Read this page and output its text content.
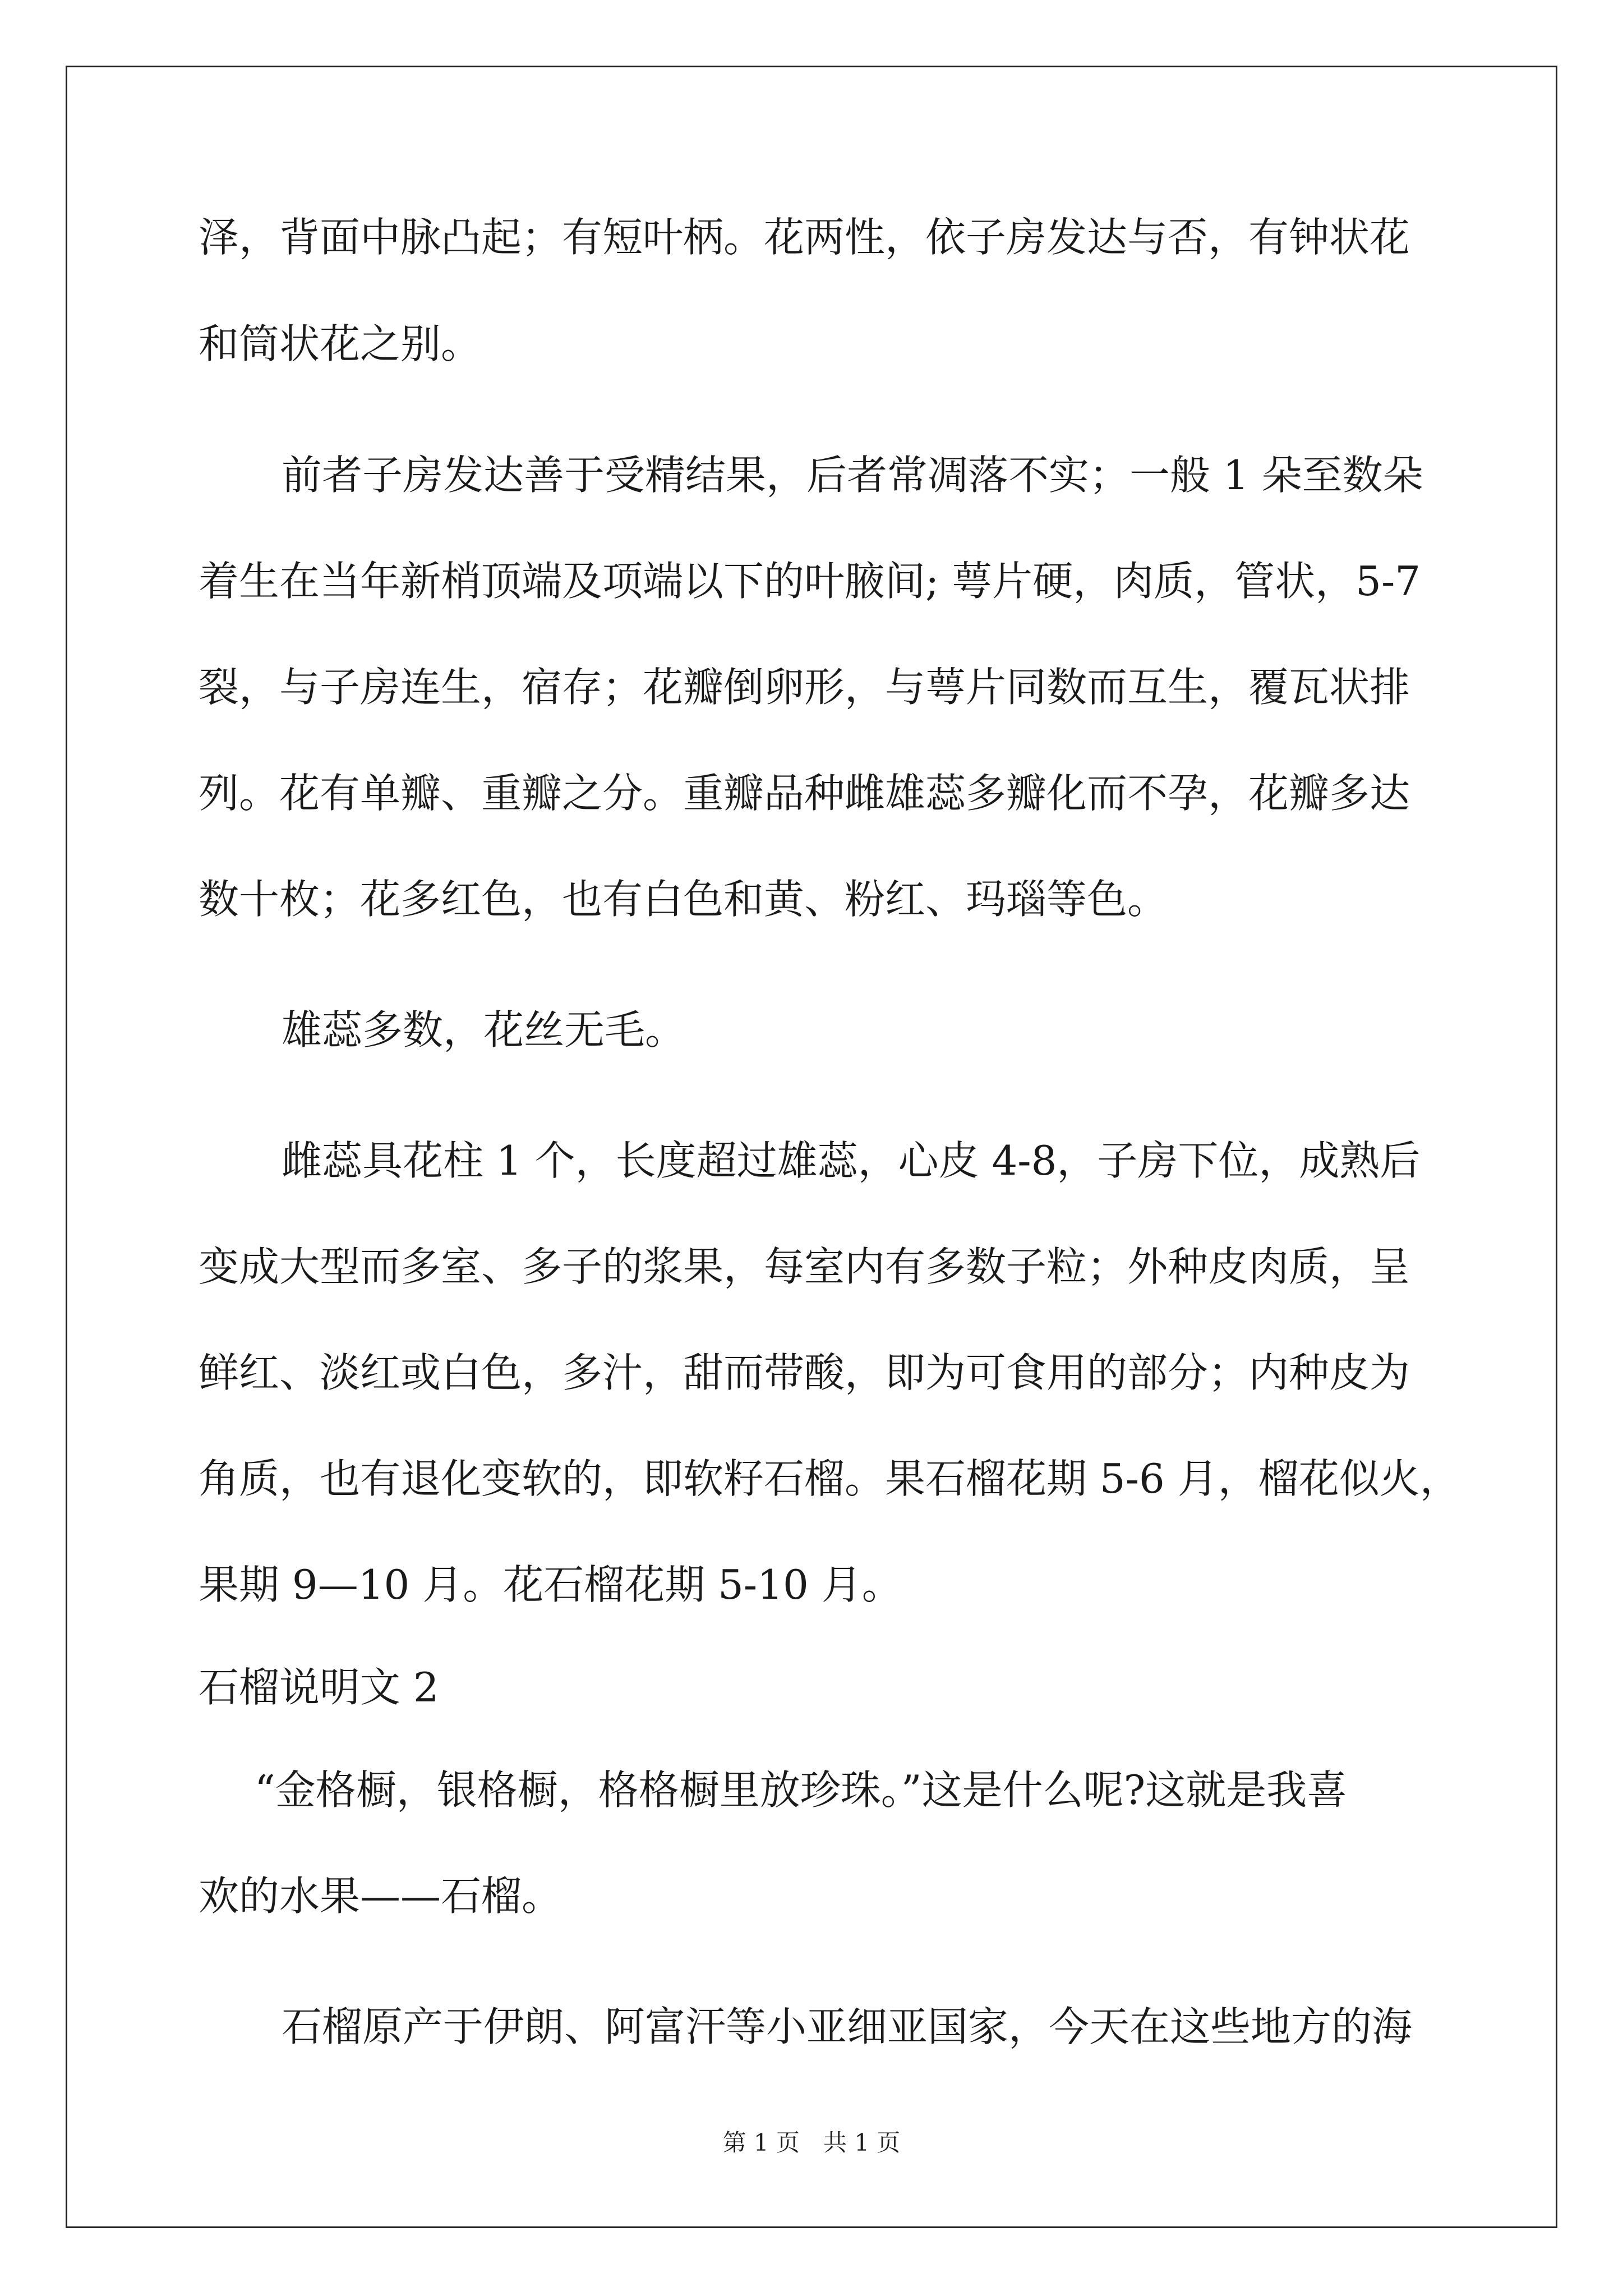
泽，背面中脉凸起；有短叶柄。花两性，依子房发达与否，有钟状花
和筒状花之别。
前者子房发达善于受精结果，后者常凋落不实；一般 1 朵至数朵
着生在当年新梢顶端及项端以下的叶腋间; 萼片硬，肉质，管状，5-7
裂，与子房连生，宿存；花瓣倒卵形，与萼片同数而互生，覆瓦状排
列。花有单瓣、重瓣之分。重瓣品种雌雄蕊多瓣化而不孕，花瓣多达
数十枚；花多红色，也有白色和黄、粉红、玛瑙等色。
雄蕊多数，花丝无毛。
雌蕊具花柱 1 个，长度超过雄蕊，心皮 4-8，子房下位，成熟后
变成大型而多室、多子的浆果，每室内有多数子粒；外种皮肉质，呈
鲜红、淡红或白色，多汁，甜而带酸，即为可食用的部分；内种皮为
角质，也有退化变软的，即软籽石榴。果石榴花期 5-6 月，榴花似火，
果期 9—10 月。花石榴花期 5-10 月。
石榴说明文 2
“金格橱，银格橱，格格橱里放珍珠。”这是什么呢?这就是我喜
欢的水果——石榴。
石榴原产于伊朗、阿富汗等小亚细亚国家，今天在这些地方的海
第 1 页　共 1 页
